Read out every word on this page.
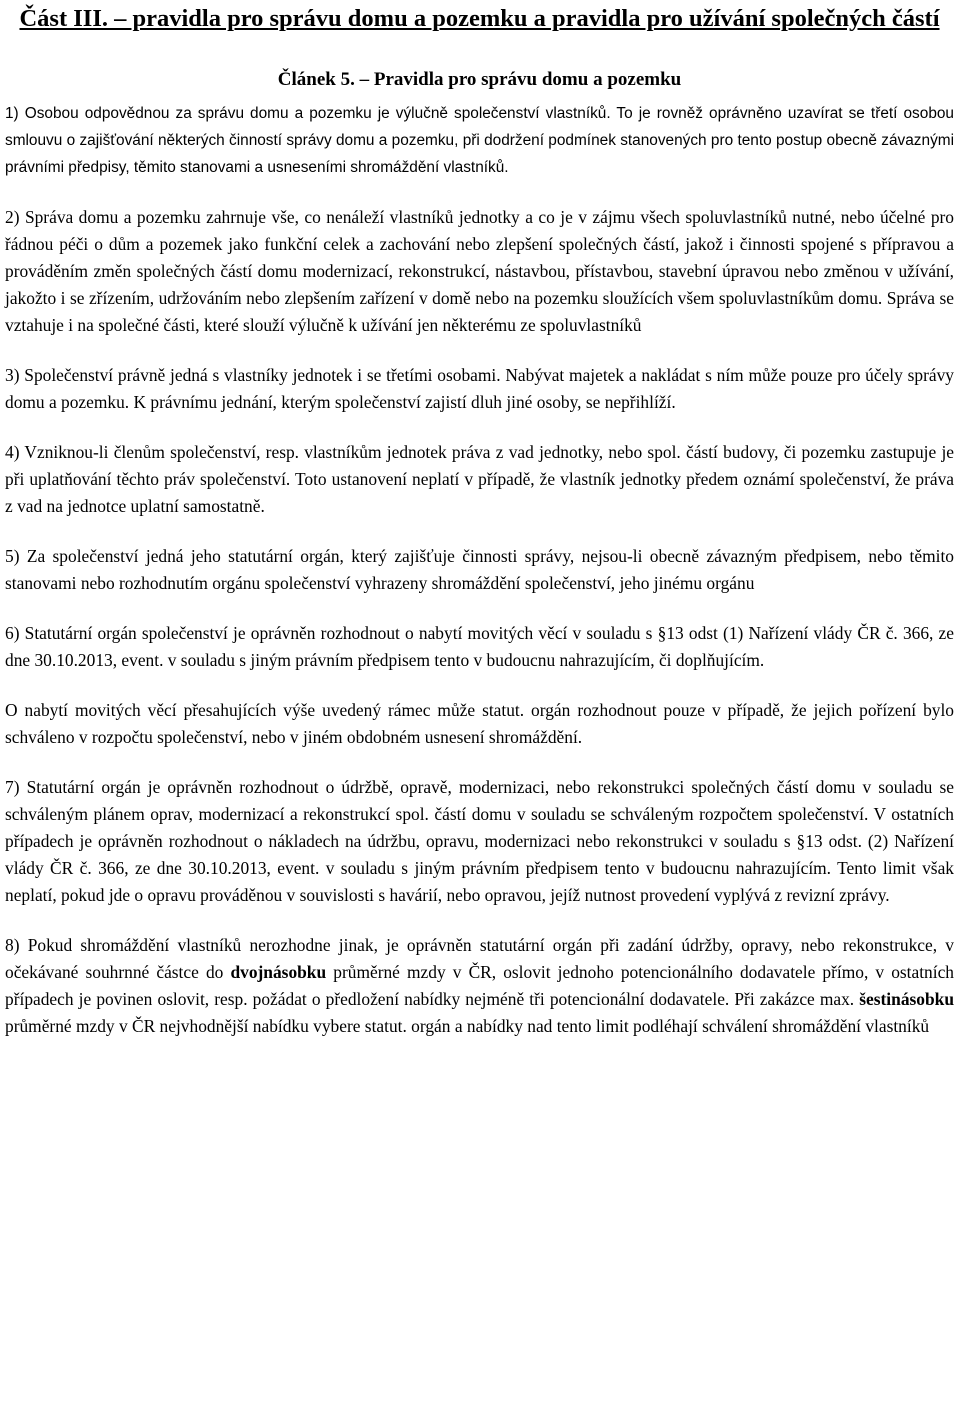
Část III. – pravidla pro správu domu a pozemku a pravidla pro užívání společných částí
Článek 5. – Pravidla pro správu domu a pozemku

1) Osobou odpovědnou za správu domu a pozemku je výlučně společenství vlastníků. To je rovněž oprávněno uzavírat se třetí osobou smlouvu o zajišťování některých činností správy domu a pozemku, při dodržení podmínek stanovených pro tento postup obecně závaznými právními předpisy, těmito stanovami a usneseními shromáždění vlastníků.

2) Správa domu a pozemku zahrnuje vše, co nenáleží vlastníků jednotky a co je v zájmu všech spoluvlastníků nutné, nebo účelné pro řádnou péči o dům a pozemek jako funkční celek a zachování nebo zlepšení společných částí, jakož i činnosti spojené s přípravou a prováděním změn společných částí domu modernizací, rekonstrukcí, nástavbou, přístavbou, stavební úpravou nebo změnou v užívání, jakožto i se zřízením, udržováním nebo zlepšením zařízení v domě nebo na pozemku sloužících všem spoluvlastníkům domu. Správa se vztahuje i na společné části, které slouží výlučně k užívání jen některému ze spoluvlastníků

3) Společenství právně jedná s vlastníky jednotek i se třetími osobami. Nabývat majetek a nakládat s ním může pouze pro účely správy domu a pozemku. K právnímu jednání, kterým společenství zajistí dluh jiné osoby, se nepřihlíží.

4) Vzniknou-li členům společenství, resp. vlastníkům jednotek práva z vad jednotky, nebo spol. částí budovy, či pozemku zastupuje je při uplatňování těchto práv společenství. Toto ustanovení neplatí v případě, že vlastník jednotky předem oznámí společenství, že práva z vad na jednotce uplatní samostatně.

5) Za společenství jedná jeho statutární orgán, který zajišťuje činnosti správy, nejsou-li obecně závazným předpisem, nebo těmito stanovami nebo rozhodnutím orgánu společenství vyhrazeny shromáždění společenství, jeho jinému orgánu

6) Statutární orgán společenství je oprávněn rozhodnout o nabytí movitých věcí v souladu s §13 odst (1) Nařízení vlády ČR č. 366, ze dne 30.10.2013, event. v souladu s jiným právním předpisem tento v budoucnu nahrazujícím, či doplňujícím.

O nabytí movitých věcí přesahujících výše uvedený rámec může statut. orgán rozhodnout pouze v případě, že jejich pořízení bylo schváleno v rozpočtu společenství, nebo v jiném obdobném usnesení shromáždění.

7) Statutární orgán je oprávněn rozhodnout o údržbě, opravě, modernizaci, nebo rekonstrukci společných částí domu v souladu se schváleným plánem oprav, modernizací a rekonstrukcí spol. částí domu v souladu se schváleným rozpočtem společenství. V ostatních případech je oprávněn rozhodnout o nákladech na údržbu, opravu, modernizaci nebo rekonstrukci v souladu s §13 odst. (2) Nařízení vlády ČR č. 366, ze dne 30.10.2013, event. v souladu s jiným právním předpisem tento v budoucnu nahrazujícím. Tento limit však neplatí, pokud jde o opravu prováděnou v souvislosti s havárií, nebo opravou, jejíž nutnost provedení vyplývá z revizní zprávy.

8) Pokud shromáždění vlastníků nerozhodne jinak, je oprávněn statutární orgán při zadání údržby, opravy, nebo rekonstrukce, v očekávané souhrnné částce do dvojnásobku průměrné mzdy v ČR, oslovit jednoho potencionálního dodavatele přímo, v ostatních případech je povinen oslovit, resp. požádat o předložení nabídky nejméně tři potencionální dodavatele. Při zakázce max. šestinásobku průměrné mzdy v ČR nejvhodnější nabídku vybere statut. orgán a nabídky nad tento limit podléhají schválení shromáždění vlastníků
